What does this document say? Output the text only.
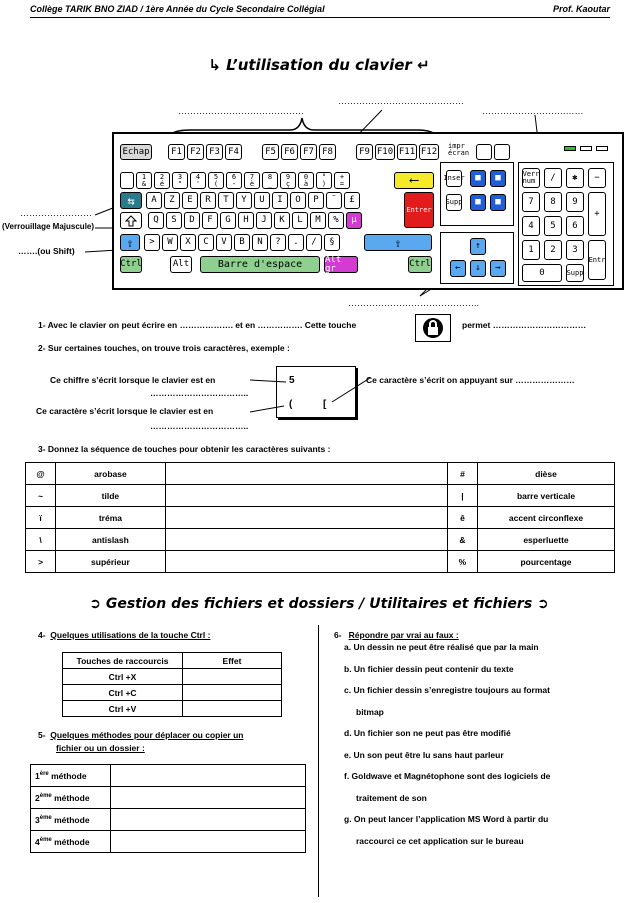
Collège TARIK BNO ZIAD / 1ère Année du Cycle Secondaire Collégial	Prof. Kaoutar
↳ L’utilisation du clavier ↵
……………………………………
……………………………………
……………………….……
……………………
(Verrouillage Majuscule)
…….(ou Shift)
Echap	F1 F2 F3 F4	F5 F6 F7 F8	F9 F10 F11 F12
impr écran
1
&
2
é
3
"
4
'
5
(
6
-
7
è
8
_
9
ç
0
à
°
)
+
=	⟵
⇆	A	Z	E	R	T	Y	U	I	O	P	¨	£
Entrer
Q	S	D	F	G	H	J	K	L	M	%	µ
⇧	>	W	X	C	V	B	N	?	.	/	§	⇧
Ctrl	Alt	Barre d'espace	Alt gr	Ctrl
Inser	■	■
Supp	■	■
↑
←	↓	→
Verr num	/	✱	−
7	8	9
+
4	5	6
1	2	3
Entr
0	Supp
……………………………………..
1- Avec le clavier on peut écrire en ………………. et en ……………. Cette touche	permet ……………………………
2- Sur certaines touches, on trouve trois caractères, exemple :
Ce chiffre s’écrit lorsque le clavier est en
……………………………..
Ce caractère s’écrit lorsque le clavier est en
……………………………..
5
(	[
Ce caractère s’écrit on appuyant sur …………………
3- Donnez la séquence de touches pour obtenir les caractères suivants :
@	arobase		#	dièse
~	tilde		|	barre verticale
ï	tréma		ê	accent circonflexe
\	antislash		&	esperluette
>	supérieur		%	pourcentage
➲ Gestion des fichiers et dossiers / Utilitaires et fichiers ➲
4- Quelques utilisations de la touche Ctrl :
Touches de raccourcis	Effet
Ctrl +X	
Ctrl +C	
Ctrl +V	
5- Quelques méthodes pour déplacer ou copier un
fichier ou un dossier :
1ère méthode	
2ème méthode	
3ème méthode	
4ème méthode	
6- Répondre par vrai au faux :
a. Un dessin ne peut être réalisé que par la main
b. Un fichier dessin peut contenir du texte
c. Un fichier dessin s’enregistre toujours au format
bitmap
d. Un fichier son ne peut pas être modifié
e. Un son peut être lu sans haut parleur
f. Goldwave et Magnétophone sont des logiciels de
traitement de son
g. On peut lancer l’application MS Word à partir du
raccourci ce cet application sur le bureau
